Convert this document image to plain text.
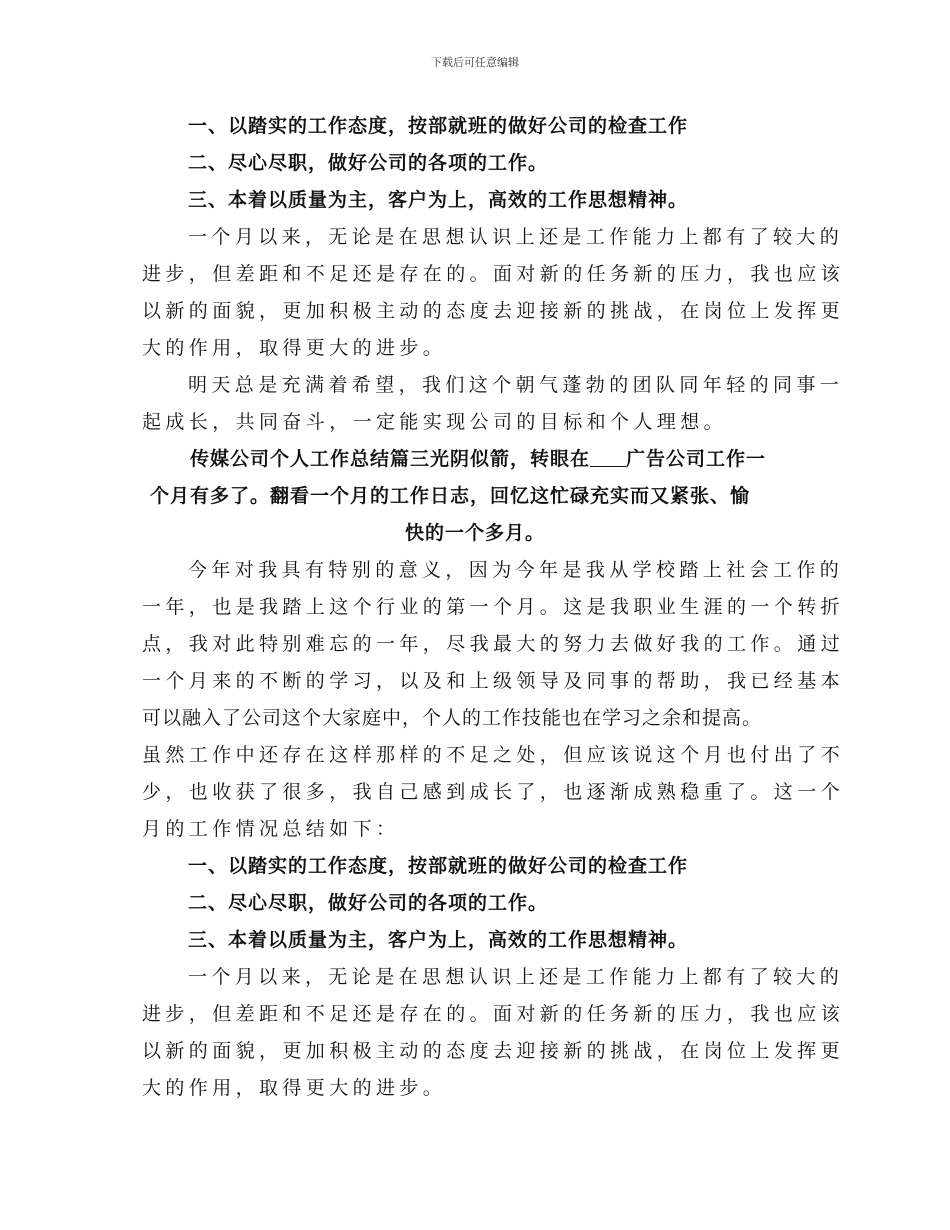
下载后可任意编辑
一、以踏实的工作态度，按部就班的做好公司的检查工作
二、尽心尽职，做好公司的各项的工作。
三、本着以质量为主，客户为上，高效的工作思想精神。
一个月以来，无论是在思想认识上还是工作能力上都有了较大的
进步，但差距和不足还是存在的。面对新的任务新的压力，我也应该
以新的面貌，更加积极主动的态度去迎接新的挑战，在岗位上发挥更
大的作用，取得更大的进步。
明天总是充满着希望，我们这个朝气蓬勃的团队同年轻的同事一
起成长，共同奋斗，一定能实现公司的目标和个人理想。
传媒公司个人工作总结篇三光阴似箭，转眼在 广告公司工作一
个月有多了。翻看一个月的工作日志，回忆这忙碌充实而又紧张、愉
快的一个多月。
今年对我具有特别的意义，因为今年是我从学校踏上社会工作的
一年，也是我踏上这个行业的第一个月。这是我职业生涯的一个转折
点，我对此特别难忘的一年，尽我最大的努力去做好我的工作。通过
一个月来的不断的学习，以及和上级领导及同事的帮助，我已经基本
可以融入了公司这个大家庭中，个人的工作技能也在学习之余和提高。
虽然工作中还存在这样那样的不足之处，但应该说这个月也付出了不
少，也收获了很多，我自己感到成长了，也逐渐成熟稳重了。这一个
月的工作情况总结如下：
一、以踏实的工作态度，按部就班的做好公司的检查工作
二、尽心尽职，做好公司的各项的工作。
三、本着以质量为主，客户为上，高效的工作思想精神。
一个月以来，无论是在思想认识上还是工作能力上都有了较大的
进步，但差距和不足还是存在的。面对新的任务新的压力，我也应该
以新的面貌，更加积极主动的态度去迎接新的挑战，在岗位上发挥更
大的作用，取得更大的进步。
